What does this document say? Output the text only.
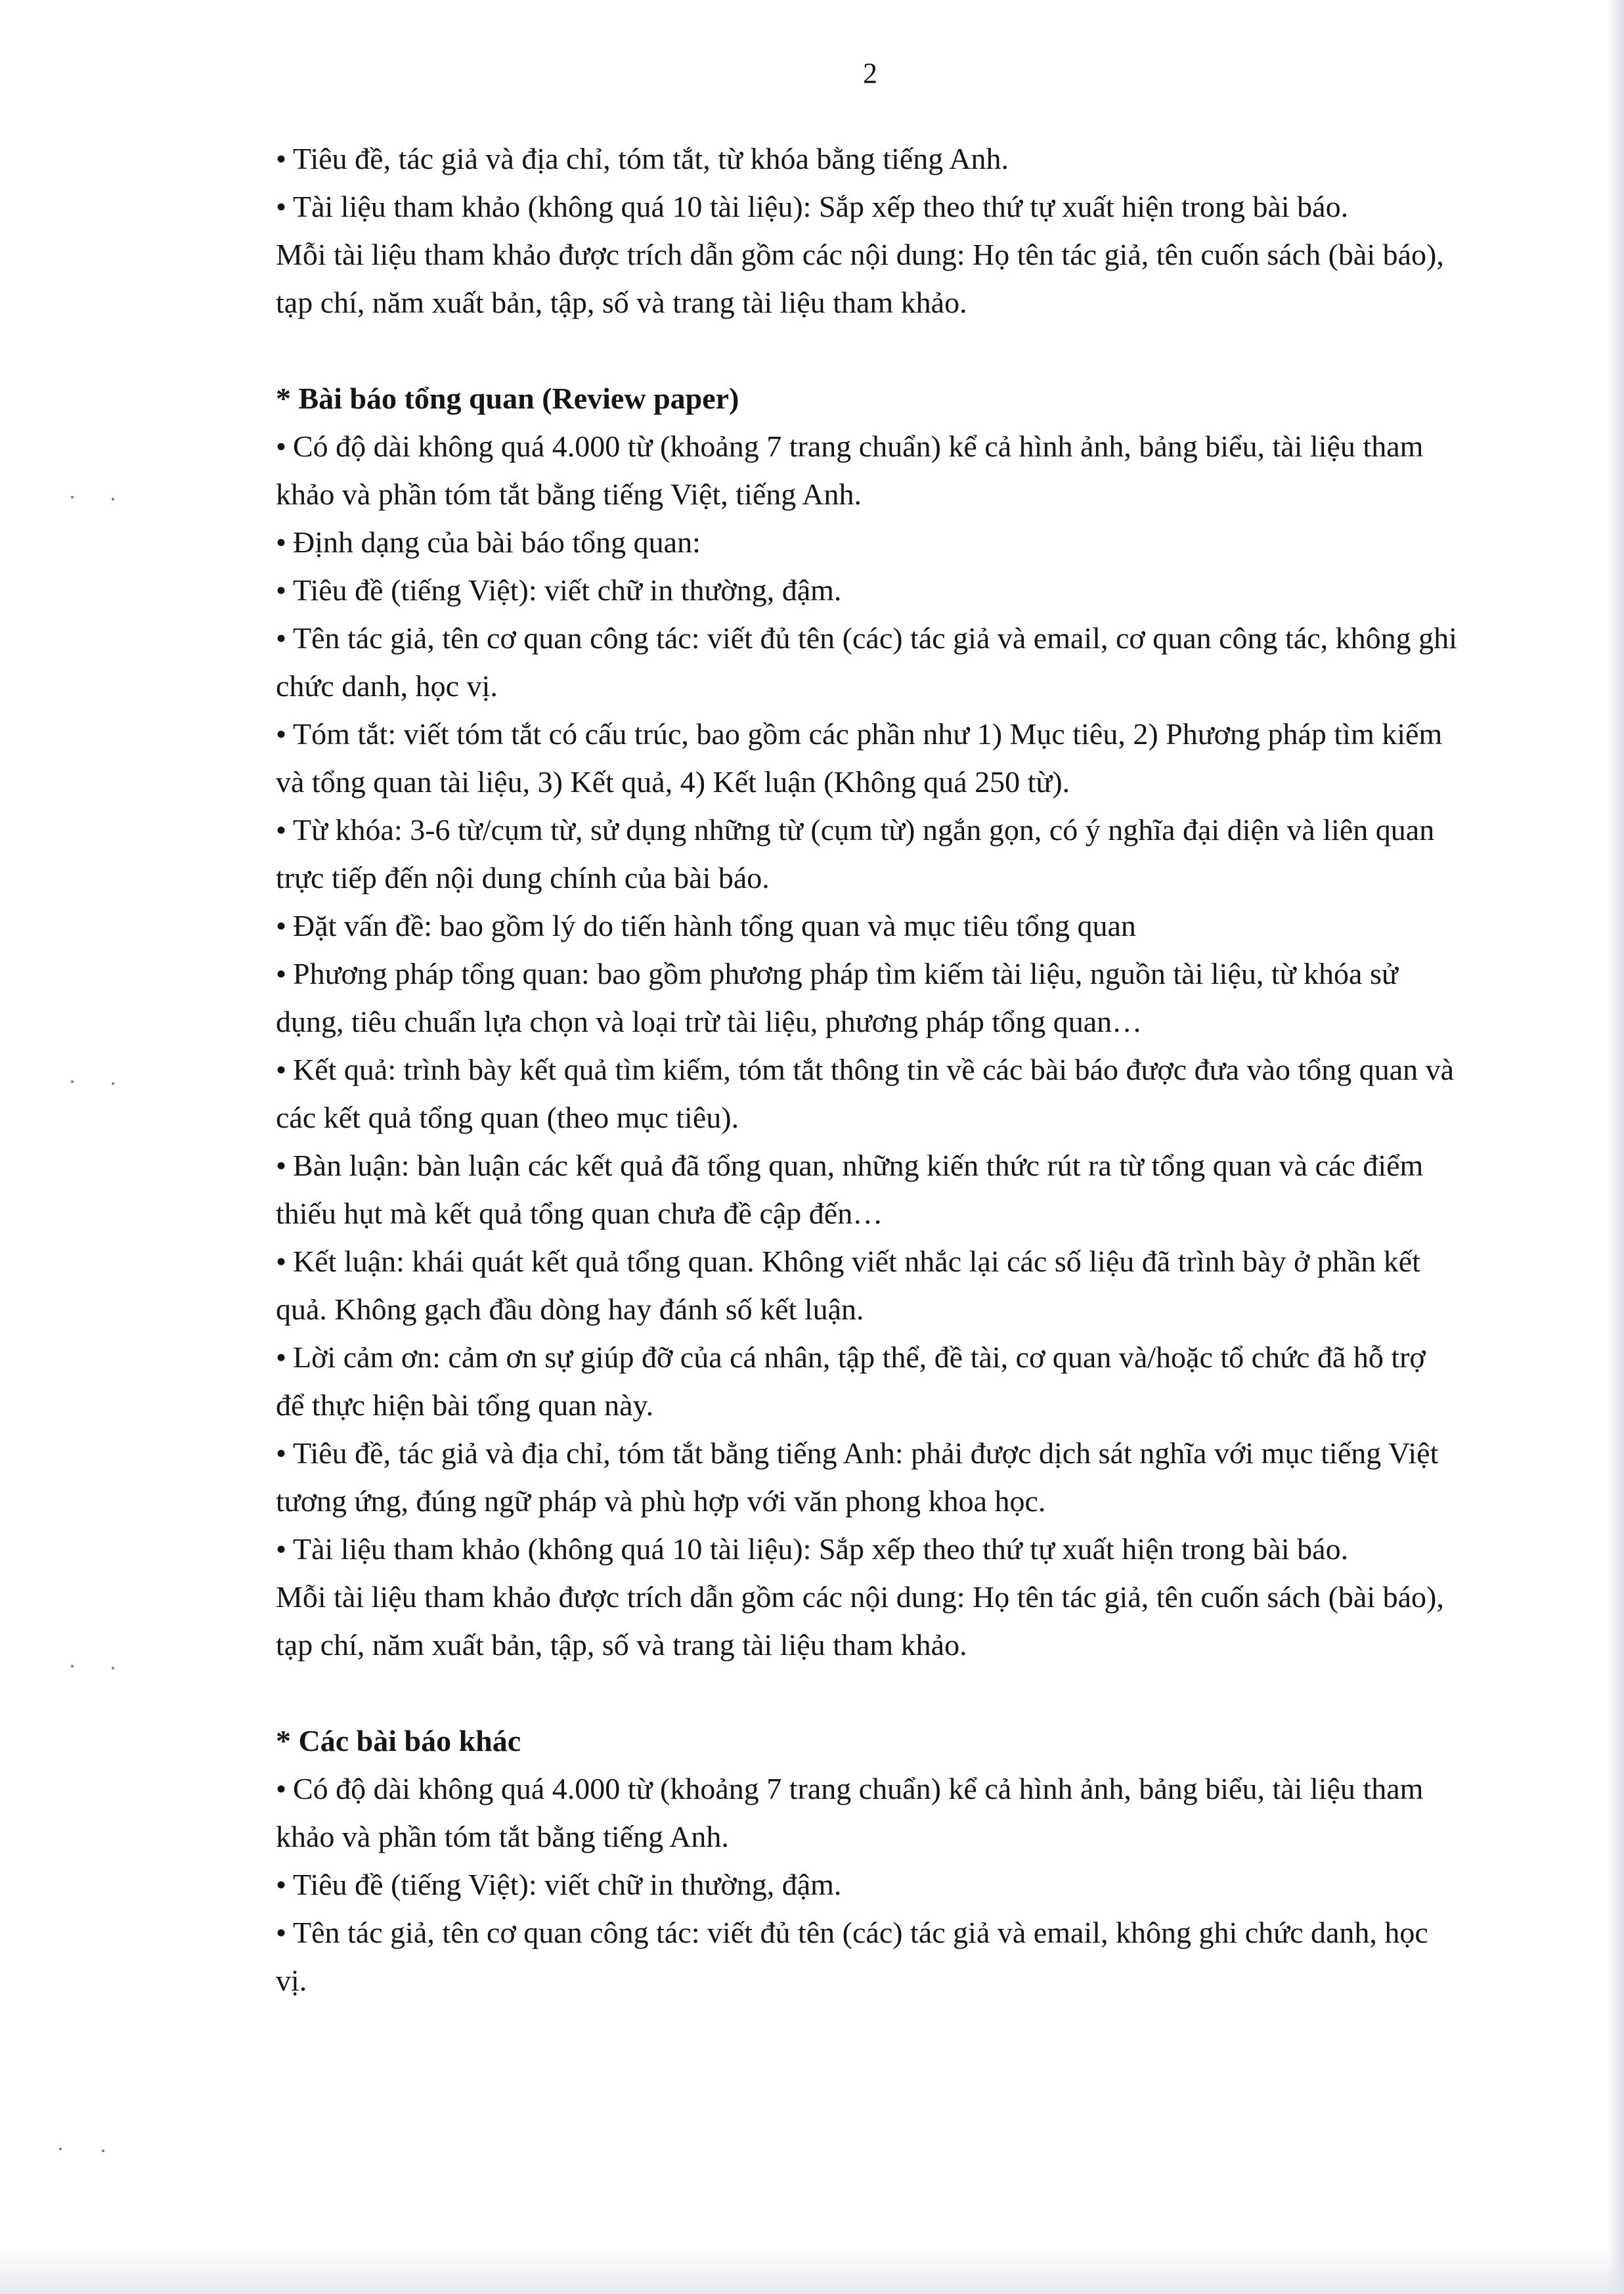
2

• Tiêu đề, tác giả và địa chỉ, tóm tắt, từ khóa bằng tiếng Anh.

• Tài liệu tham khảo (không quá 10 tài liệu): Sắp xếp theo thứ tự xuất hiện trong bài báo.

Mỗi tài liệu tham khảo được trích dẫn gồm các nội dung: Họ tên tác giả, tên cuốn sách (bài báo), tạp chí, năm xuất bản, tập, số và trang tài liệu tham khảo.

* Bài báo tổng quan (Review paper)

• Có độ dài không quá 4.000 từ (khoảng 7 trang chuẩn) kể cả hình ảnh, bảng biểu, tài liệu tham khảo và phần tóm tắt bằng tiếng Việt, tiếng Anh.

• Định dạng của bài báo tổng quan:

• Tiêu đề (tiếng Việt): viết chữ in thường, đậm.

• Tên tác giả, tên cơ quan công tác: viết đủ tên (các) tác giả và email, cơ quan công tác, không ghi chức danh, học vị.

• Tóm tắt: viết tóm tắt có cấu trúc, bao gồm các phần như 1) Mục tiêu, 2) Phương pháp tìm kiếm và tổng quan tài liệu, 3) Kết quả, 4) Kết luận (Không quá 250 từ).

• Từ khóa: 3-6 từ/cụm từ, sử dụng những từ (cụm từ) ngắn gọn, có ý nghĩa đại diện và liên quan trực tiếp đến nội dung chính của bài báo.

• Đặt vấn đề: bao gồm lý do tiến hành tổng quan và mục tiêu tổng quan

• Phương pháp tổng quan: bao gồm phương pháp tìm kiếm tài liệu, nguồn tài liệu, từ khóa sử dụng, tiêu chuẩn lựa chọn và loại trừ tài liệu, phương pháp tổng quan…

• Kết quả: trình bày kết quả tìm kiếm, tóm tắt thông tin về các bài báo được đưa vào tổng quan và các kết quả tổng quan (theo mục tiêu).

• Bàn luận: bàn luận các kết quả đã tổng quan, những kiến thức rút ra từ tổng quan và các điểm thiếu hụt mà kết quả tổng quan chưa đề cập đến…

• Kết luận: khái quát kết quả tổng quan. Không viết nhắc lại các số liệu đã trình bày ở phần kết quả. Không gạch đầu dòng hay đánh số kết luận.

• Lời cảm ơn: cảm ơn sự giúp đỡ của cá nhân, tập thể, đề tài, cơ quan và/hoặc tổ chức đã hỗ trợ để thực hiện bài tổng quan này.

• Tiêu đề, tác giả và địa chỉ, tóm tắt bằng tiếng Anh: phải được dịch sát nghĩa với mục tiếng Việt tương ứng, đúng ngữ pháp và phù hợp với văn phong khoa học.

• Tài liệu tham khảo (không quá 10 tài liệu): Sắp xếp theo thứ tự xuất hiện trong bài báo.

Mỗi tài liệu tham khảo được trích dẫn gồm các nội dung: Họ tên tác giả, tên cuốn sách (bài báo), tạp chí, năm xuất bản, tập, số và trang tài liệu tham khảo.

* Các bài báo khác

• Có độ dài không quá 4.000 từ (khoảng 7 trang chuẩn) kể cả hình ảnh, bảng biểu, tài liệu tham khảo và phần tóm tắt bằng tiếng Anh.

• Tiêu đề (tiếng Việt): viết chữ in thường, đậm.

• Tên tác giả, tên cơ quan công tác: viết đủ tên (các) tác giả và email, không ghi chức danh, học vị.
